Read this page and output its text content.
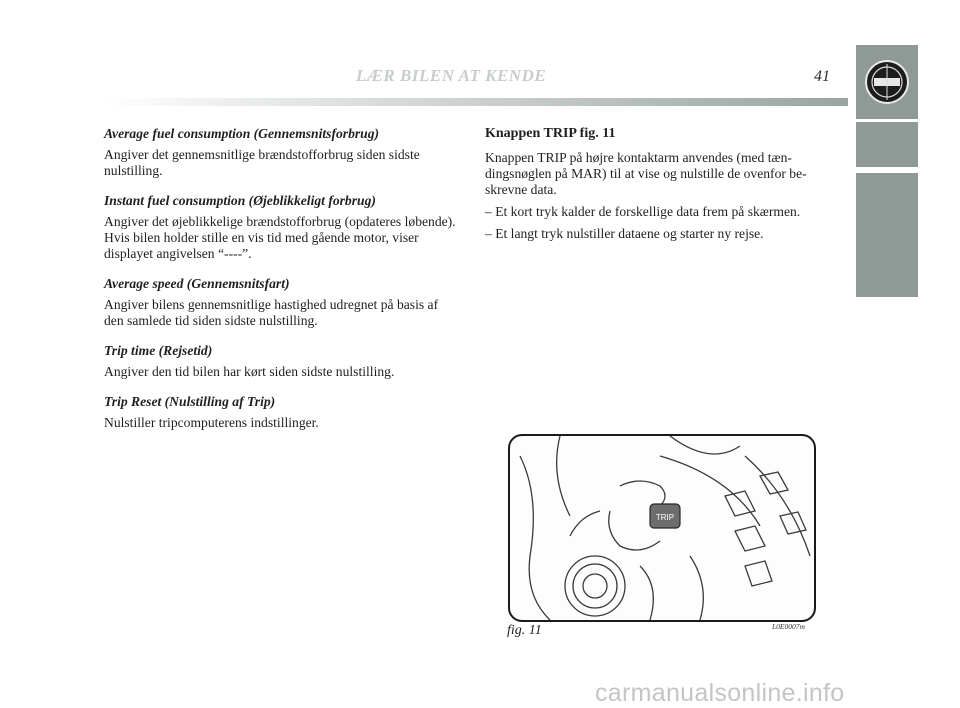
LÆR BILEN AT KENDE	41

Average fuel consumption (Gennemsnitsforbrug)

Angiver det gennemsnitlige brændstofforbrug siden sidste nulstilling.

Instant fuel consumption (Øjeblikkeligt forbrug)

Angiver det øjeblikkelige brændstofforbrug (opdateres løbende). Hvis bilen holder stille en vis tid med gående motor, viser displayet angivelsen “----”.

Average speed (Gennemsnitsfart)

Angiver bilens gennemsnitlige hastighed udregnet på basis af den samlede tid siden sidste nulstilling.

Trip time (Rejsetid)

Angiver den tid bilen har kørt siden sidste nulstilling.

Trip Reset (Nulstilling af Trip)

Nulstiller tripcomputerens indstillinger.

Knappen TRIP fig. 11

Knappen TRIP på højre kontaktarm anvendes (med tændingsnøglen på MAR) til at vise og nulstille de ovenfor beskrevne data.

– Et kort tryk kalder de forskellige data frem på skærmen.

– Et langt tryk nulstiller dataene og starter ny rejse.

TRIP
fig. 11	L0E0007m
carmanualsonline.info
